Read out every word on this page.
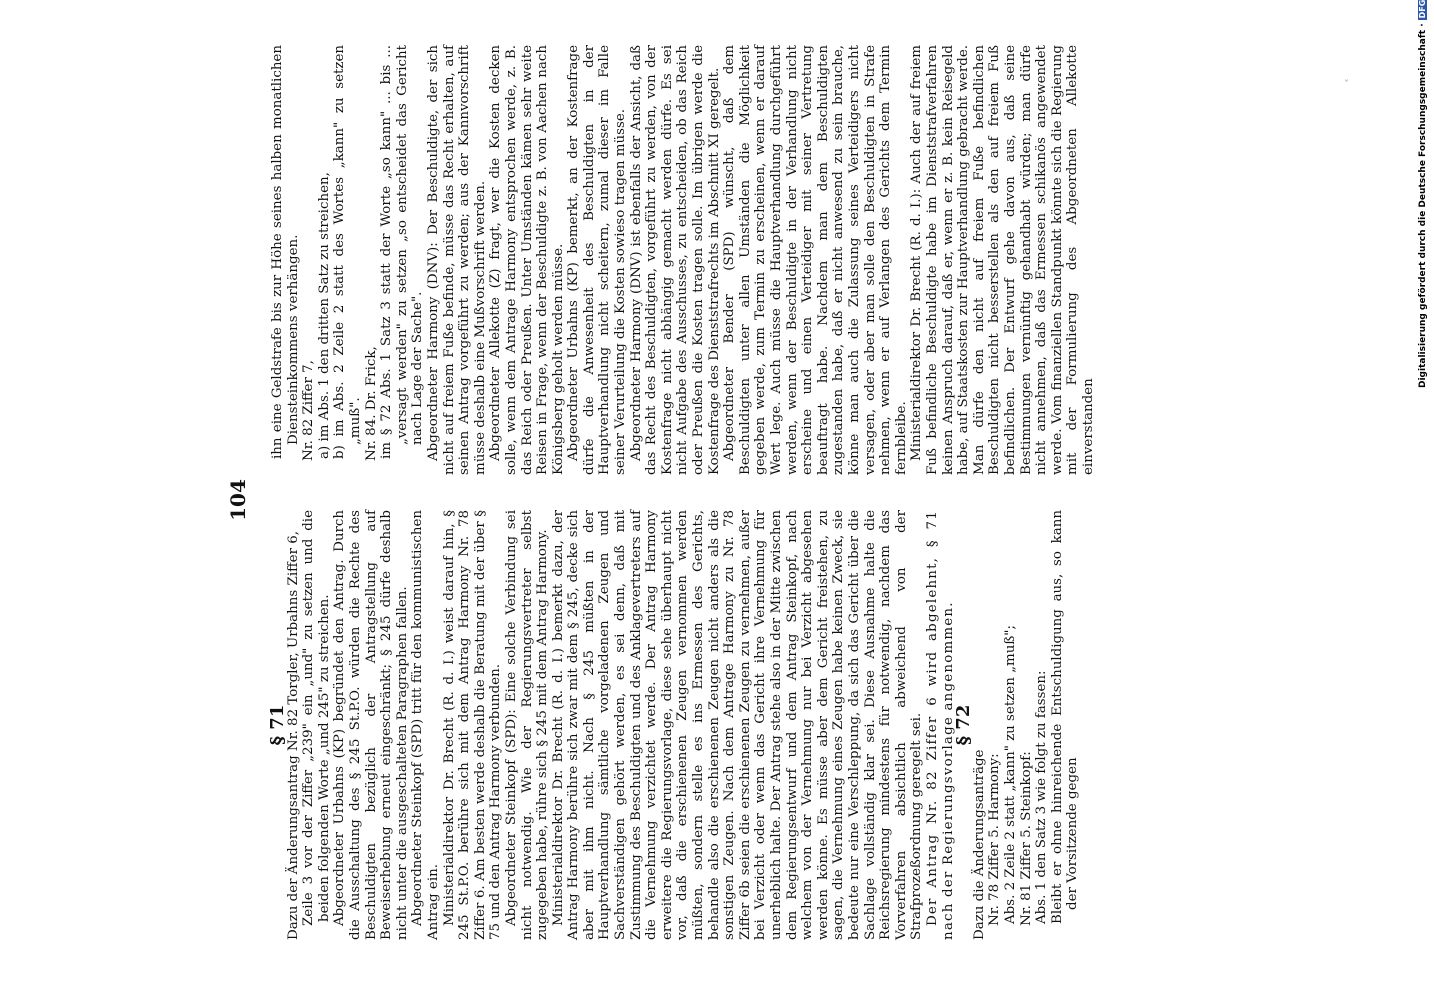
104

§ 71

Dazu der Änderungsantrag Nr. 82 Torgler, Urbahns Ziffer 6, Zeile 3 vor der Ziffer „239" ein „und" zu setzen und die beiden folgenden Worte „und 245" zu streichen. Abgeordneter Urbahns (KP) begründet den Antrag. Durch die Ausschaltung des § 245 St.P.O. würden die Rechte des Beschuldigten bezüglich der Antragstellung auf Beweiserhebung erneut eingeschränkt; § 245 dürfe deshalb nicht unter die ausgeschalteten Paragraphen fallen. Abgeordneter Steinkopf (SPD) tritt für den kommunistischen Antrag ein. Ministerialdirektor Dr. Brecht (R. d. I.) weist darauf hin, § 245 St.P.O. berühre sich mit dem Antrag Harmony Nr. 78 Ziffer 6. Am besten werde deshalb die Beratung mit der über § 75 und den Antrag Harmony verbunden. Abgeordneter Steinkopf (SPD): Eine solche Verbindung sei nicht notwendig. Wie der Regierungsvertreter selbst zugegeben habe, rühre sich § 245 mit dem Antrag Harmony. Ministerialdirektor Dr. Brecht (R. d. I.) bemerkt dazu, der Antrag Harmony berühre sich zwar mit dem § 245, decke sich aber mit ihm nicht. Nach § 245 müßten in der Hauptverhandlung sämtliche vorgeladenen Zeugen und Sachverständigen gehört werden, es sei denn, daß mit Zustimmung des Beschuldigten und des Anklagevertreters auf die Vernehmung verzichtet werde. Der Antrag Harmony erweitere die Regierungsvorlage, diese sehe überhaupt nicht vor, daß die erschienenen Zeugen vernommen werden müßten, sondern stelle es ins Ermessen des Gerichts, behandle also die erschienenen Zeugen nicht anders als die sonstigen Zeugen. Nach dem Antrage Harmony zu Nr. 78 Ziffer 6b seien die erschienenen Zeugen zu vernehmen, außer bei Verzicht oder wenn das Gericht ihre Vernehmung für unerheblich halte. Der Antrag stehe also in der Mitte zwischen dem Regierungsentwurf und dem Antrag Steinkopf, nach welchem von der Vernehmung nur bei Verzicht abgesehen werden könne. Es müsse aber dem Gericht freistehen, zu sagen, die Vernehmung eines Zeugen habe keinen Zweck, sie bedeute nur eine Verschleppung, da sich das Gericht über die Sachlage vollständig klar sei. Diese Ausnahme halte die Reichsregierung mindestens für notwendig, nachdem das Vorverfahren absichtlich abweichend von der Strafprozeßordnung geregelt sei. Der Antrag Nr. 82 Ziffer 6 wird abgelehnt, § 71 nach der Regierungsvorlage angenommen.

§ 72

Dazu die Änderungsanträge Nr. 78 Ziffer 5. Harmony: Abs. 2 Zeile 2 statt „kann" zu setzen „muß"; Nr. 81 Ziffer 5. Steinkopf: Abs. 1 den Satz 3 wie folgt zu fassen: Bleibt er ohne hinreichende Entschuldigung aus, so kann der Vorsitzende gegen

ihn eine Geldstrafe bis zur Höhe seines halben monatlichen Diensteinkommens verhängen. Nr. 82 Ziffer 7, a) im Abs. 1 den dritten Satz zu streichen, b) im Abs. 2 Zeile 2 statt des Wortes „kann" zu setzen „muß". Nr. 84. Dr. Frick, im § 72 Abs. 1 Satz 3 statt der Worte „so kann" ... bis ... „versagt werden" zu setzen „so entscheidet das Gericht nach Lage der Sache". Abgeordneter Harmony (DNV): Der Beschuldigte, der sich nicht auf freiem Fuße befinde, müsse das Recht erhalten, auf seinen Antrag vorgeführt zu werden; aus der Kannvorschrift müsse deshalb eine Mußvorschrift werden. Abgeordneter Allekotte (Z) fragt, wer die Kosten decken solle, wenn dem Antrage Harmony entsprochen werde, z. B. das Reich oder Preußen. Unter Umständen kämen sehr weite Reisen in Frage, wenn der Beschuldigte z. B. von Aachen nach Königsberg geholt werden müsse. Abgeordneter Urbahns (KP) bemerkt, an der Kostenfrage dürfe die Anwesenheit des Beschuldigten in der Hauptverhandlung nicht scheitern, zumal dieser im Falle seiner Verurteilung die Kosten sowieso tragen müsse. Abgeordneter Harmony (DNV) ist ebenfalls der Ansicht, daß das Recht des Beschuldigten, vorgeführt zu werden, von der Kostenfrage nicht abhängig gemacht werden dürfe. Es sei nicht Aufgabe des Ausschusses, zu entscheiden, ob das Reich oder Preußen die Kosten tragen solle. Im übrigen werde die Kostenfrage des Dienststrafrechts im Abschnitt XI geregelt. Abgeordneter Bender (SPD) wünscht, daß dem Beschuldigten unter allen Umständen die Möglichkeit gegeben werde, zum Termin zu erscheinen, wenn er darauf Wert lege. Auch müsse die Hauptverhandlung durchgeführt werden, wenn der Beschuldigte in der Verhandlung nicht erscheine und einen Verteidiger mit seiner Vertretung beauftragt habe. Nachdem man dem Beschuldigten zugestanden habe, daß er nicht anwesend zu sein brauche, könne man auch die Zulassung seines Verteidigers nicht versagen, oder aber man solle den Beschuldigten in Strafe nehmen, wenn er auf Verlangen des Gerichts dem Termin fernbleibe. Ministerialdirektor Dr. Brecht (R. d. I.): Auch der auf freiem Fuß befindliche Beschuldigte habe im Dienststrafverfahren keinen Anspruch darauf, daß er, wenn er z. B. kein Reisegeld habe, auf Staatskosten zur Hauptverhandlung gebracht werde. Man dürfe den nicht auf freiem Fuße befindlichen Beschuldigten nicht besserstellen als den auf freiem Fuß befindlichen. Der Entwurf gehe davon aus, daß seine Bestimmungen vernünftig gehandhabt würden; man dürfe nicht annehmen, daß das Ermessen schikanös angewendet werde. Vom finanziellen Standpunkt könnte sich die Regierung mit der Formulierung des Abgeordneten Allekotte einverstanden

ˇ	Digitalisierung gefördert durch die Deutsche Forschungsgemeinschaft ·DFG
